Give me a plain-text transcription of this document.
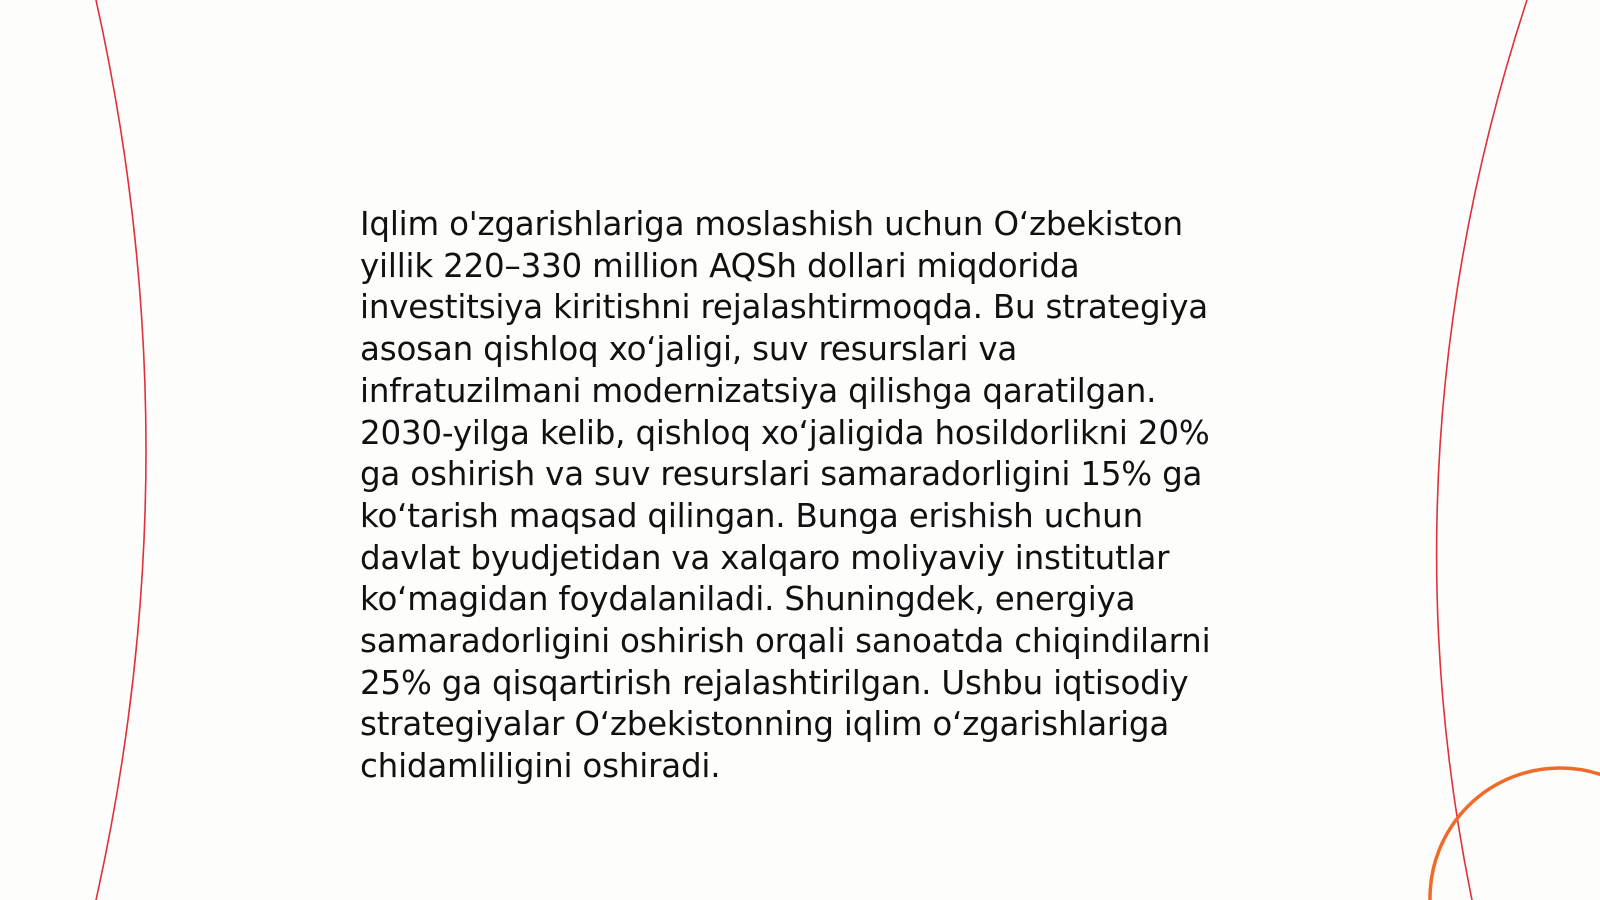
Iqlim o'zgarishlariga moslashish uchun O‘zbekiston
yillik 220–330 million AQSh dollari miqdorida
investitsiya kiritishni rejalashtirmoqda. Bu strategiya
asosan qishloq xo‘jaligi, suv resurslari va
infratuzilmani modernizatsiya qilishga qaratilgan.
2030-yilga kelib, qishloq xo‘jaligida hosildorlikni 20%
ga oshirish va suv resurslari samaradorligini 15% ga
ko‘tarish maqsad qilingan. Bunga erishish uchun
davlat byudjetidan va xalqaro moliyaviy institutlar
ko‘magidan foydalaniladi. Shuningdek, energiya
samaradorligini oshirish orqali sanoatda chiqindilarni
25% ga qisqartirish rejalashtirilgan. Ushbu iqtisodiy
strategiyalar O‘zbekistonning iqlim o‘zgarishlariga
chidamliligini oshiradi.
